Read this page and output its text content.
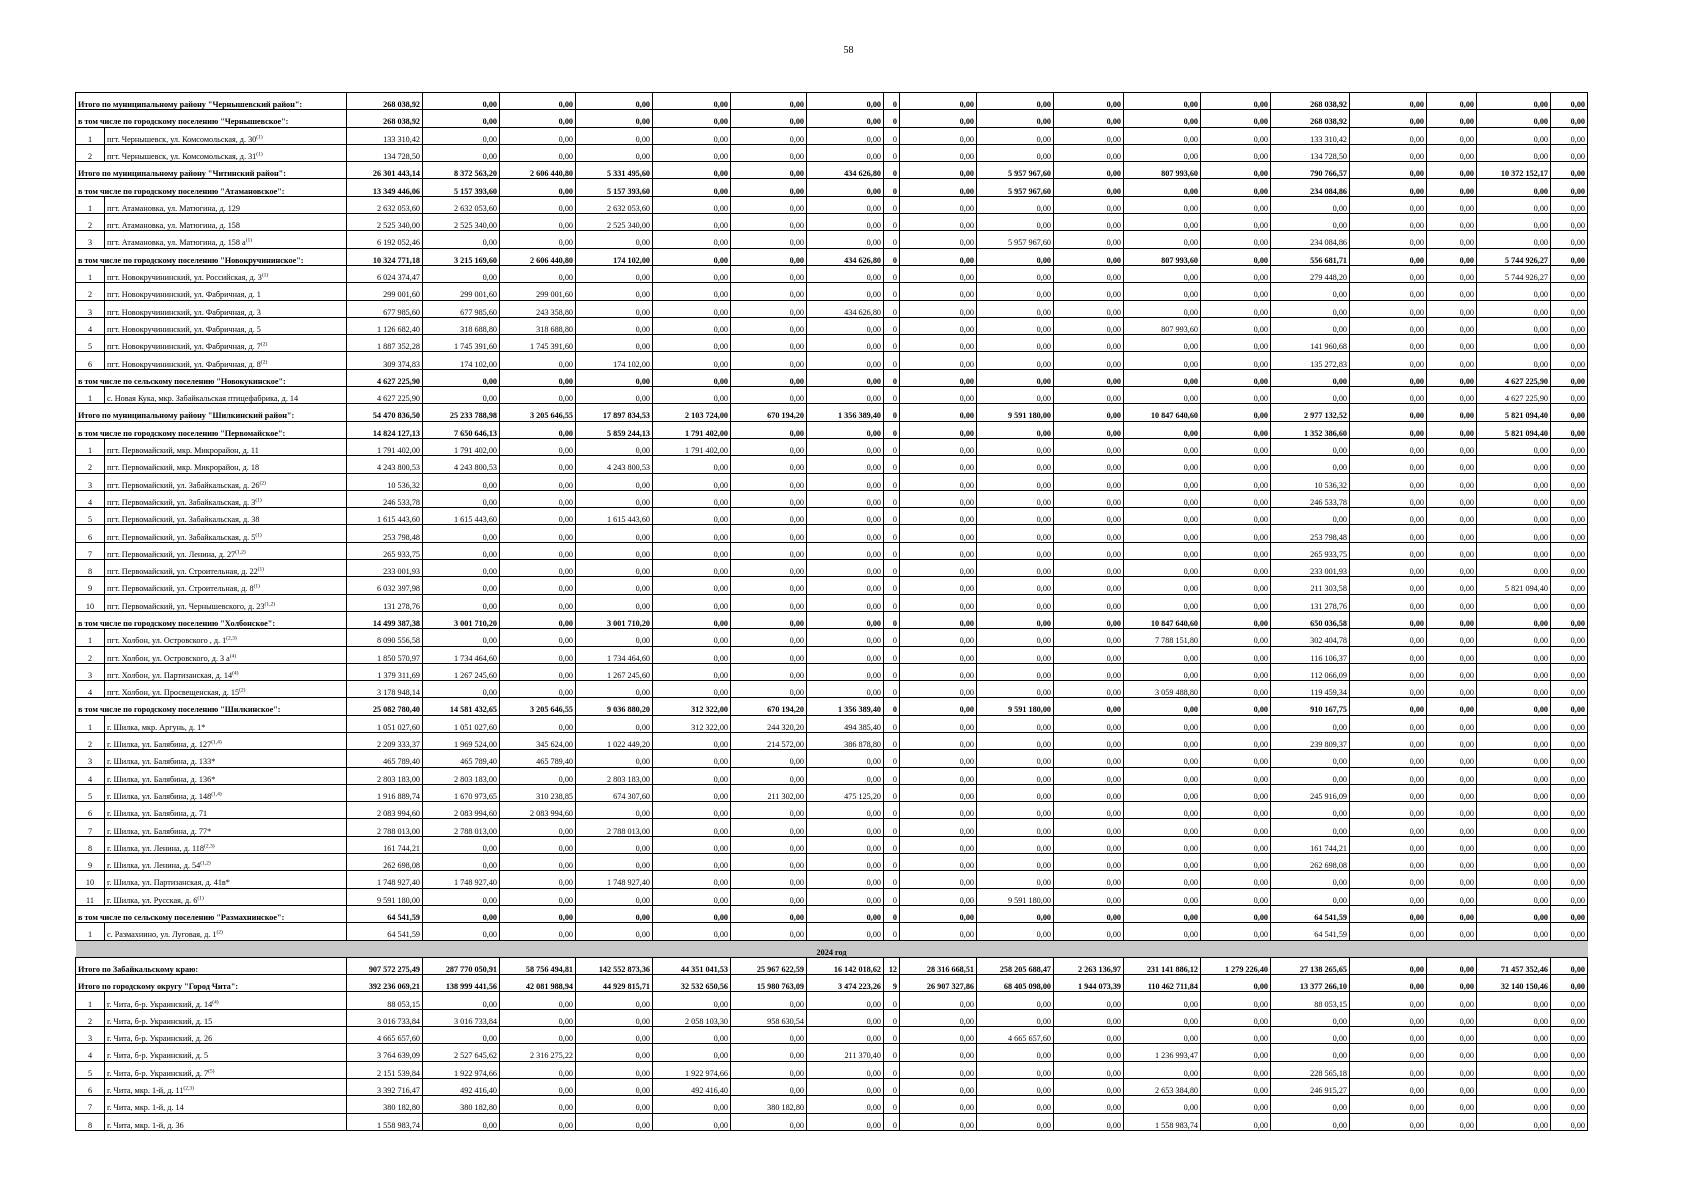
58
Итого по муниципальному району "Чернышевский район":		268 038,92	0,00	0,00	0,00	0,00	0,00	0,00	0	0,00	0,00	0,00	0,00	0,00	268 038,92	0,00	0,00	0,00	0,00
в том числе по городскому поселению "Чернышевское":		268 038,92	0,00	0,00	0,00	0,00	0,00	0,00	0	0,00	0,00	0,00	0,00	0,00	268 038,92	0,00	0,00	0,00	0,00
1	пгт. Чернышевск, ул. Комсомольская, д. 30$^{(1)}$	133 310,42	0,00	0,00	0,00	0,00	0,00	0,00	0	0,00	0,00	0,00	0,00	0,00	133 310,42	0,00	0,00	0,00	0,00
2	пгт. Чернышевск, ул. Комсомольская, д. 31$^{(1)}$	134 728,50	0,00	0,00	0,00	0,00	0,00	0,00	0	0,00	0,00	0,00	0,00	0,00	134 728,50	0,00	0,00	0,00	0,00
Итого по муниципальному району "Читинский район":		26 301 443,14	8 372 563,20	2 606 440,80	5 331 495,60	0,00	0,00	434 626,80	0	0,00	5 957 967,60	0,00	807 993,60	0,00	790 766,57	0,00	0,00	10 372 152,17	0,00
в том числе по городскому поселению "Атамановское":		13 349 446,06	5 157 393,60	0,00	5 157 393,60	0,00	0,00	0,00	0	0,00	5 957 967,60	0,00	0,00	0,00	234 084,86	0,00	0,00	0,00	0,00
1	пгт. Атамановка, ул. Матюгина, д. 129	2 632 053,60	2 632 053,60	0,00	2 632 053,60	0,00	0,00	0,00	0	0,00	0,00	0,00	0,00	0,00	0,00	0,00	0,00	0,00	0,00
2	пгт. Атамановка, ул. Матюгина, д. 158	2 525 340,00	2 525 340,00	0,00	2 525 340,00	0,00	0,00	0,00	0	0,00	0,00	0,00	0,00	0,00	0,00	0,00	0,00	0,00	0,00
3	пгт. Атамановка, ул. Матюгина, д. 158 $а^{(1)}$	6 192 052,46	0,00	0,00	0,00	0,00	0,00	0,00	0	0,00	5 957 967,60	0,00	0,00	0,00	234 084,86	0,00	0,00	0,00	0,00
в том числе по городскому поселению "Новокручининское":		10 324 771,18	3 215 169,60	2 606 440,80	174 102,00	0,00	0,00	434 626,80	0	0,00	0,00	0,00	807 993,60	0,00	556 681,71	0,00	0,00	5 744 926,27	0,00
1	пгт. Новокручининский, ул. Российская, д. 3$^{(1)}$	6 024 374,47	0,00	0,00	0,00	0,00	0,00	0,00	0	0,00	0,00	0,00	0,00	0,00	279 448,20	0,00	0,00	5 744 926,27	0,00
2	пгт. Новокручининский, ул. Фабричная, д. 1	299 001,60	299 001,60	299 001,60	0,00	0,00	0,00	0,00	0	0,00	0,00	0,00	0,00	0,00	0,00	0,00	0,00	0,00	0,00
3	пгт. Новокручининский, ул. Фабричная, д. 3	677 985,60	677 985,60	243 358,80	0,00	0,00	0,00	434 626,80	0	0,00	0,00	0,00	0,00	0,00	0,00	0,00	0,00	0,00	0,00
4	пгт. Новокручининский, ул. Фабричная, д. 5	1 126 682,40	318 688,80	318 688,80	0,00	0,00	0,00	0,00	0	0,00	0,00	0,00	807 993,60	0,00	0,00	0,00	0,00	0,00	0,00
5	пгт. Новокручининский, ул. Фабричная, д. 7$^{(2)}$	1 887 352,28	1 745 391,60	1 745 391,60	0,00	0,00	0,00	0,00	0	0,00	0,00	0,00	0,00	0,00	141 960,68	0,00	0,00	0,00	0,00
6	пгт. Новокручининский, ул. Фабричная, д. 8$^{(2)}$	309 374,83	174 102,00	0,00	174 102,00	0,00	0,00	0,00	0	0,00	0,00	0,00	0,00	0,00	135 272,83	0,00	0,00	0,00	0,00
в том числе по сельскому поселению "Новокукинское":		4 627 225,90	0,00	0,00	0,00	0,00	0,00	0,00	0	0,00	0,00	0,00	0,00	0,00	0,00	0,00	0,00	4 627 225,90	0,00
1	с. Новая Кука, мкр. Забайкальская птицефабрика, д. 14	4 627 225,90	0,00	0,00	0,00	0,00	0,00	0,00	0	0,00	0,00	0,00	0,00	0,00	0,00	0,00	0,00	4 627 225,90	0,00
Итого по муниципальному району "Шилкинский район":		54 470 836,50	25 233 788,98	3 205 646,55	17 897 834,53	2 103 724,00	670 194,20	1 356 389,40	0	0,00	9 591 180,00	0,00	10 847 640,60	0,00	2 977 132,52	0,00	0,00	5 821 094,40	0,00
в том числе по городскому поселению "Первомайское":		14 824 127,13	7 650 646,13	0,00	5 859 244,13	1 791 402,00	0,00	0,00	0	0,00	0,00	0,00	0,00	0,00	1 352 386,60	0,00	0,00	5 821 094,40	0,00
1	пгт. Первомайский, мкр. Микрорайон, д. 11	1 791 402,00	1 791 402,00	0,00	0,00	1 791 402,00	0,00	0,00	0	0,00	0,00	0,00	0,00	0,00	0,00	0,00	0,00	0,00	0,00
2	пгт. Первомайский, мкр. Микрорайон, д. 18	4 243 800,53	4 243 800,53	0,00	4 243 800,53	0,00	0,00	0,00	0	0,00	0,00	0,00	0,00	0,00	0,00	0,00	0,00	0,00	0,00
3	пгт. Первомайский, ул. Забайкальская, д. 26$^{(2)}$	10 536,32	0,00	0,00	0,00	0,00	0,00	0,00	0	0,00	0,00	0,00	0,00	0,00	10 536,32	0,00	0,00	0,00	0,00
4	пгт. Первомайский, ул. Забайкальская, д. 3$^{(1)}$	246 533,78	0,00	0,00	0,00	0,00	0,00	0,00	0	0,00	0,00	0,00	0,00	0,00	246 533,78	0,00	0,00	0,00	0,00
5	пгт. Первомайский, ул. Забайкальская, д. 38	1 615 443,60	1 615 443,60	0,00	1 615 443,60	0,00	0,00	0,00	0	0,00	0,00	0,00	0,00	0,00	0,00	0,00	0,00	0,00	0,00
6	пгт. Первомайский, ул. Забайкальская, д. 5$^{(1)}$	253 798,48	0,00	0,00	0,00	0,00	0,00	0,00	0	0,00	0,00	0,00	0,00	0,00	253 798,48	0,00	0,00	0,00	0,00
7	пгт. Первомайский, ул. Ленина, д. 27$^{(1,2)}$	265 933,75	0,00	0,00	0,00	0,00	0,00	0,00	0	0,00	0,00	0,00	0,00	0,00	265 933,75	0,00	0,00	0,00	0,00
8	пгт. Первомайский, ул. Строительная, д. 22$^{(1)}$	233 001,93	0,00	0,00	0,00	0,00	0,00	0,00	0	0,00	0,00	0,00	0,00	0,00	233 001,93	0,00	0,00	0,00	0,00
9	пгт. Первомайский, ул. Строительная, д. 8$^{(1)}$	6 032 397,98	0,00	0,00	0,00	0,00	0,00	0,00	0	0,00	0,00	0,00	0,00	0,00	211 303,58	0,00	0,00	5 821 094,40	0,00
10	пгт. Первомайский, ул. Чернышевского, д. 23$^{(1,2)}$	131 278,76	0,00	0,00	0,00	0,00	0,00	0,00	0	0,00	0,00	0,00	0,00	0,00	131 278,76	0,00	0,00	0,00	0,00
в том числе по городскому поселению "Холбонское":		14 499 387,38	3 001 710,20	0,00	3 001 710,20	0,00	0,00	0,00	0	0,00	0,00	0,00	10 847 640,60	0,00	650 036,58	0,00	0,00	0,00	0,00
1	пгт. Холбон, ул. Островского , д. 1$^{(2,3)}$	8 090 556,58	0,00	0,00	0,00	0,00	0,00	0,00	0	0,00	0,00	0,00	7 788 151,80	0,00	302 404,78	0,00	0,00	0,00	0,00
2	пгт. Холбон, ул. Островского, д. 3 $а^{(4)}$	1 850 570,97	1 734 464,60	0,00	1 734 464,60	0,00	0,00	0,00	0	0,00	0,00	0,00	0,00	0,00	116 106,37	0,00	0,00	0,00	0,00
3	пгт. Холбон, ул. Партизанская, д. 14$^{(4)}$	1 379 311,69	1 267 245,60	0,00	1 267 245,60	0,00	0,00	0,00	0	0,00	0,00	0,00	0,00	0,00	112 066,09	0,00	0,00	0,00	0,00
4	пгт. Холбон, ул. Просвещенская, д. 15$^{(2)}$	3 178 948,14	0,00	0,00	0,00	0,00	0,00	0,00	0	0,00	0,00	0,00	3 059 488,80	0,00	119 459,34	0,00	0,00	0,00	0,00
в том числе по городскому поселению "Шилкинское":		25 082 780,40	14 581 432,65	3 205 646,55	9 036 880,20	312 322,00	670 194,20	1 356 389,40	0	0,00	9 591 180,00	0,00	0,00	0,00	910 167,75	0,00	0,00	0,00	0,00
1	г. Шилка, мкр. Аргунь, д. 1*	1 051 027,60	1 051 027,60	0,00	0,00	312 322,00	244 320,20	494 385,40	0	0,00	0,00	0,00	0,00	0,00	0,00	0,00	0,00	0,00	0,00
2	г. Шилка, ул. Балябина, д. 127$^{(1,4)}$	2 209 333,37	1 969 524,00	345 624,00	1 022 449,20	0,00	214 572,00	386 878,80	0	0,00	0,00	0,00	0,00	0,00	239 809,37	0,00	0,00	0,00	0,00
3	г. Шилка, ул. Балябина, д. 133*	465 789,40	465 789,40	465 789,40	0,00	0,00	0,00	0,00	0	0,00	0,00	0,00	0,00	0,00	0,00	0,00	0,00	0,00	0,00
4	г. Шилка, ул. Балябина, д. 136*	2 803 183,00	2 803 183,00	0,00	2 803 183,00	0,00	0,00	0,00	0	0,00	0,00	0,00	0,00	0,00	0,00	0,00	0,00	0,00	0,00
5	г. Шилка, ул. Балябина, д. 148$^{(1,4)}$	1 916 889,74	1 670 973,65	310 238,85	674 307,60	0,00	211 302,00	475 125,20	0	0,00	0,00	0,00	0,00	0,00	245 916,09	0,00	0,00	0,00	0,00
6	г. Шилка, ул. Балябина, д. 71	2 083 994,60	2 083 994,60	2 083 994,60	0,00	0,00	0,00	0,00	0	0,00	0,00	0,00	0,00	0,00	0,00	0,00	0,00	0,00	0,00
7	г. Шилка, ул. Балябина, д. 77*	2 788 013,00	2 788 013,00	0,00	2 788 013,00	0,00	0,00	0,00	0	0,00	0,00	0,00	0,00	0,00	0,00	0,00	0,00	0,00	0,00
8	г. Шилка, ул. Ленина, д. 118$^{(2,3)}$	161 744,21	0,00	0,00	0,00	0,00	0,00	0,00	0	0,00	0,00	0,00	0,00	0,00	161 744,21	0,00	0,00	0,00	0,00
9	г. Шилка, ул. Ленина, д. 54$^{(1,2)}$	262 698,08	0,00	0,00	0,00	0,00	0,00	0,00	0	0,00	0,00	0,00	0,00	0,00	262 698,08	0,00	0,00	0,00	0,00
10	г. Шилка, ул. Партизанская, д. 41в*	1 748 927,40	1 748 927,40	0,00	1 748 927,40	0,00	0,00	0,00	0	0,00	0,00	0,00	0,00	0,00	0,00	0,00	0,00	0,00	0,00
11	г. Шилка, ул. Русская, д. 6$^{(1)}$	9 591 180,00	0,00	0,00	0,00	0,00	0,00	0,00	0	0,00	9 591 180,00	0,00	0,00	0,00	0,00	0,00	0,00	0,00	0,00
в том числе по сельскому поселению "Размахнинское":		64 541,59	0,00	0,00	0,00	0,00	0,00	0,00	0	0,00	0,00	0,00	0,00	0,00	64 541,59	0,00	0,00	0,00	0,00
1	с. Размахнино, ул. Луговая, д. 1$^{(2)}$	64 541,59	0,00	0,00	0,00	0,00	0,00	0,00	0	0,00	0,00	0,00	0,00	0,00	64 541,59	0,00	0,00	0,00	0,00
2024 год																			
Итого по Забайкальскому краю:		907 572 275,49	287 770 050,91	58 756 494,81	142 552 873,36	44 351 041,53	25 967 622,59	16 142 018,62	12	28 316 668,51	258 205 688,47	2 263 136,97	231 141 886,12	1 279 226,40	27 138 265,65	0,00	0,00	71 457 352,46	0,00
Итого по городскому округу "Город Чита":		392 236 069,21	138 999 441,56	42 081 988,94	44 929 815,71	32 532 650,56	15 980 763,09	3 474 223,26	9	26 907 327,86	68 405 098,00	1 944 073,39	110 462 711,84	0,00	13 377 266,10	0,00	0,00	32 140 150,46	0,00
1	г. Чита, б-р. Украинский, д. 14$^{(4)}$	88 053,15	0,00	0,00	0,00	0,00	0,00	0,00	0	0,00	0,00	0,00	0,00	0,00	88 053,15	0,00	0,00	0,00	0,00
2	г. Чита, б-р. Украинский, д. 15	3 016 733,84	3 016 733,84	0,00	0,00	2 058 103,30	958 630,54	0,00	0	0,00	0,00	0,00	0,00	0,00	0,00	0,00	0,00	0,00	0,00
3	г. Чита, б-р. Украинский, д. 26	4 665 657,60	0,00	0,00	0,00	0,00	0,00	0,00	0	0,00	4 665 657,60	0,00	0,00	0,00	0,00	0,00	0,00	0,00	0,00
4	г. Чита, б-р. Украинский, д. 5	3 764 639,09	2 527 645,62	2 316 275,22	0,00	0,00	0,00	211 370,40	0	0,00	0,00	0,00	1 236 993,47	0,00	0,00	0,00	0,00	0,00	0,00
5	г. Чита, б-р. Украинский, д. 7$^{(5)}$	2 151 539,84	1 922 974,66	0,00	0,00	1 922 974,66	0,00	0,00	0	0,00	0,00	0,00	0,00	0,00	228 565,18	0,00	0,00	0,00	0,00
6	г. Чита, мкр. 1-й, д. 11$^{(2,3)}$	3 392 716,47	492 416,40	0,00	0,00	492 416,40	0,00	0,00	0	0,00	0,00	0,00	2 653 384,80	0,00	246 915,27	0,00	0,00	0,00	0,00
7	г. Чита, мкр. 1-й, д. 14	380 182,80	380 182,80	0,00	0,00	0,00	380 182,80	0,00	0	0,00	0,00	0,00	0,00	0,00	0,00	0,00	0,00	0,00	0,00
8	г. Чита, мкр. 1-й, д. 36	1 558 983,74	0,00	0,00	0,00	0,00	0,00	0,00	0	0,00	0,00	0,00	1 558 983,74	0,00	0,00	0,00	0,00	0,00	0,00
